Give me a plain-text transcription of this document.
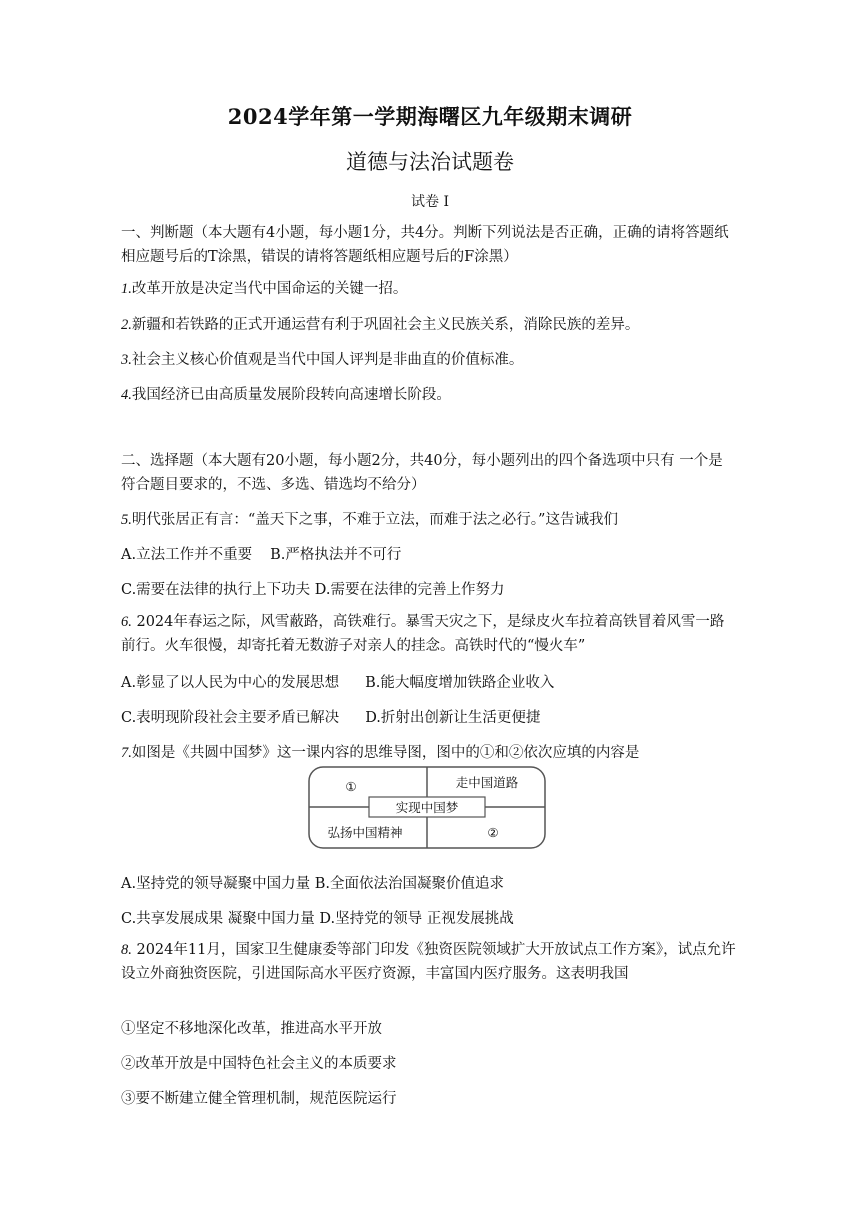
2024学年第一学期海曙区九年级期末调研
道德与法治试题卷
试卷 I
一、判断题（本大题有4小题，每小题1分，共4分。判断下列说法是否正确，正确的请将答题纸相应题号后的T涂黑，错误的请将答题纸相应题号后的F涂黑）
1.改革开放是决定当代中国命运的关键一招。
2.新疆和若铁路的正式开通运营有利于巩固社会主义民族关系，消除民族的差异。
3.社会主义核心价值观是当代中国人评判是非曲直的价值标准。
4.我国经济已由高质量发展阶段转向高速增长阶段。
二、选择题（本大题有20小题，每小题2分，共40分，每小题列出的四个备选项中只有 一个是符合题目要求的，不选、多选、错选均不给分）
5.明代张居正有言：“盖天下之事，不难于立法，而难于法之必行。”这告诫我们
A.立法工作并不重要 B.严格执法并不可行
C.需要在法律的执行上下功夫 D.需要在法律的完善上作努力
6. 2024年春运之际，风雪蔽路，高铁难行。暴雪天灾之下，是绿皮火车拉着高铁冒着风雪一路前行。火车很慢，却寄托着无数游子对亲人的挂念。高铁时代的“慢火车”
A.彰显了以人民为中心的发展思想 B.能大幅度增加铁路企业收入
C.表明现阶段社会主要矛盾已解决 D.折射出创新让生活更便捷
7.如图是《共圆中国梦》这一课内容的思维导图，图中的①和②依次应填的内容是
实现中国梦
①	走中国道路
弘扬中国精神	②
A.坚持党的领导凝聚中国力量 B.全面依法治国凝聚价值追求
C.共享发展成果 凝聚中国力量 D.坚持党的领导 正视发展挑战
8. 2024年11月，国家卫生健康委等部门印发《独资医院领域扩大开放试点工作方案》，试点允许设立外商独资医院，引进国际高水平医疗资源，丰富国内医疗服务。这表明我国
①坚定不移地深化改革，推进高水平开放
②改革开放是中国特色社会主义的本质要求
③要不断建立健全管理机制，规范医院运行
